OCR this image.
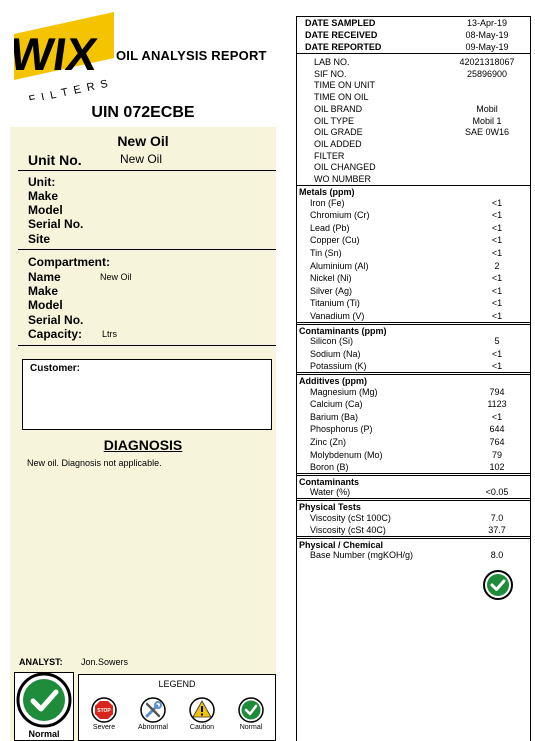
WIX
FILTERS
OIL ANALYSIS REPORT
UIN 072ECBE
New Oil
Unit No.	New Oil
Unit:
Make
Model
Serial No.
Site
Compartment:
Name	New Oil
Make
Model
Serial No.
Capacity: Ltrs
Customer:
DIAGNOSIS
New oil. Diagnosis not applicable.
ANALYST: Jon.Sowers
Normal
LEGEND
STOP
Severe	Abnormal	Caution	Normal
DATE SAMPLED	13-Apr-19
DATE RECEIVED	08-May-19
DATE REPORTED	09-May-19
LAB NO.	42021318067
SIF NO.	25896900
TIME ON UNIT
TIME ON OIL
OIL BRAND	Mobil
OIL TYPE	Mobil 1
OIL GRADE	SAE 0W16
OIL ADDED
FILTER
OIL CHANGED
WO NUMBER
Metals (ppm)
Iron (Fe)	<1
Chromium (Cr)	<1
Lead (Pb)	<1
Copper (Cu)	<1
Tin (Sn)	<1
Aluminium (Al)	2
Nickel (Ni)	<1
Silver (Ag)	<1
Titanium (Ti)	<1
Vanadium (V)	<1
Contaminants (ppm)
Silicon (Si)	5
Sodium (Na)	<1
Potassium (K)	<1
Additives (ppm)
Magnesium (Mg)	794
Calcium (Ca)	1123
Barium (Ba)	<1
Phosphorus (P)	644
Zinc (Zn)	764
Molybdenum (Mo)	79
Boron (B)	102
Contaminants
Water (%)	<0.05
Physical Tests
Viscosity (cSt 100C)	7.0
Viscosity (cSt 40C)	37.7
Physical / Chemical
Base Number (mgKOH/g)	8.0
